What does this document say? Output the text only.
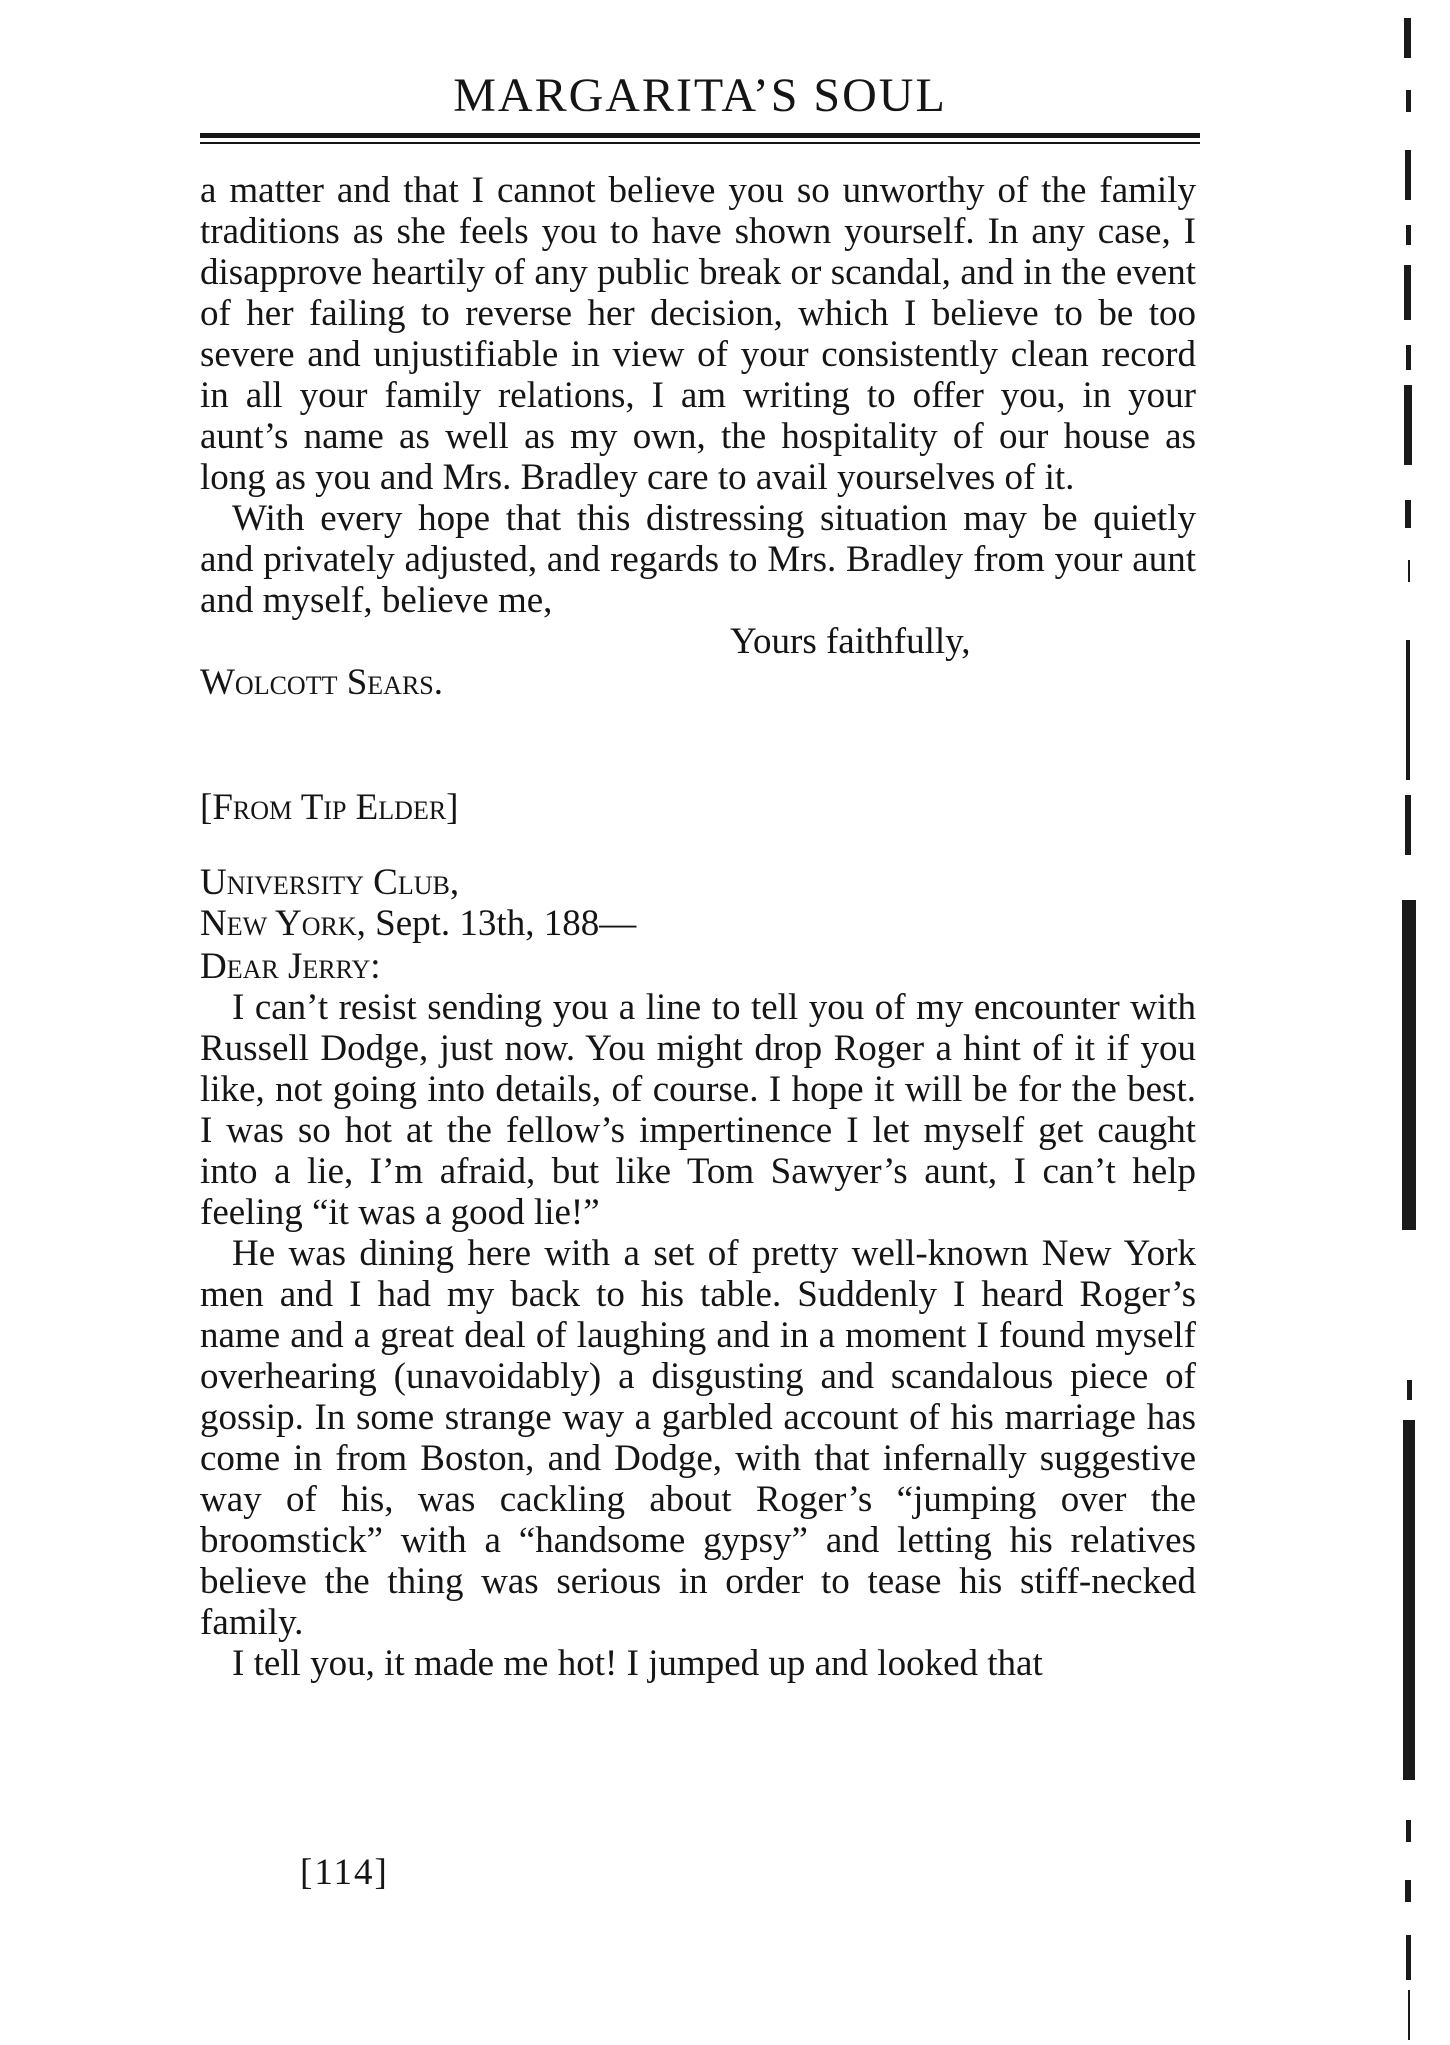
MARGARITA’S SOUL

a matter and that I cannot believe you so unworthy of the family traditions as she feels you to have shown yourself. In any case, I disapprove heartily of any public break or scandal, and in the event of her failing to reverse her decision, which I believe to be too severe and unjustifiable in view of your consistently clean record in all your family relations, I am writing to offer you, in your aunt’s name as well as my own, the hospitality of our house as long as you and Mrs. Bradley care to avail yourselves of it.

With every hope that this distressing situation may be quietly and privately adjusted, and regards to Mrs. Bradley from your aunt and myself, believe me,

Yours faithfully,

Wolcott Sears.

[From Tip Elder]

University Club,

New York, Sept. 13th, 188—

Dear Jerry:

I can’t resist sending you a line to tell you of my encounter with Russell Dodge, just now. You might drop Roger a hint of it if you like, not going into details, of course. I hope it will be for the best. I was so hot at the fellow’s impertinence I let myself get caught into a lie, I’m afraid, but like Tom Sawyer’s aunt, I can’t help feeling “it was a good lie!”

He was dining here with a set of pretty well-known New York men and I had my back to his table. Suddenly I heard Roger’s name and a great deal of laughing and in a moment I found myself overhearing (unavoidably) a disgusting and scandalous piece of gossip. In some strange way a garbled account of his marriage has come in from Boston, and Dodge, with that infernally suggestive way of his, was cackling about Roger’s “jumping over the broomstick” with a “handsome gypsy” and letting his relatives believe the thing was serious in order to tease his stiff-necked family.

I tell you, it made me hot! I jumped up and looked that

[114]
